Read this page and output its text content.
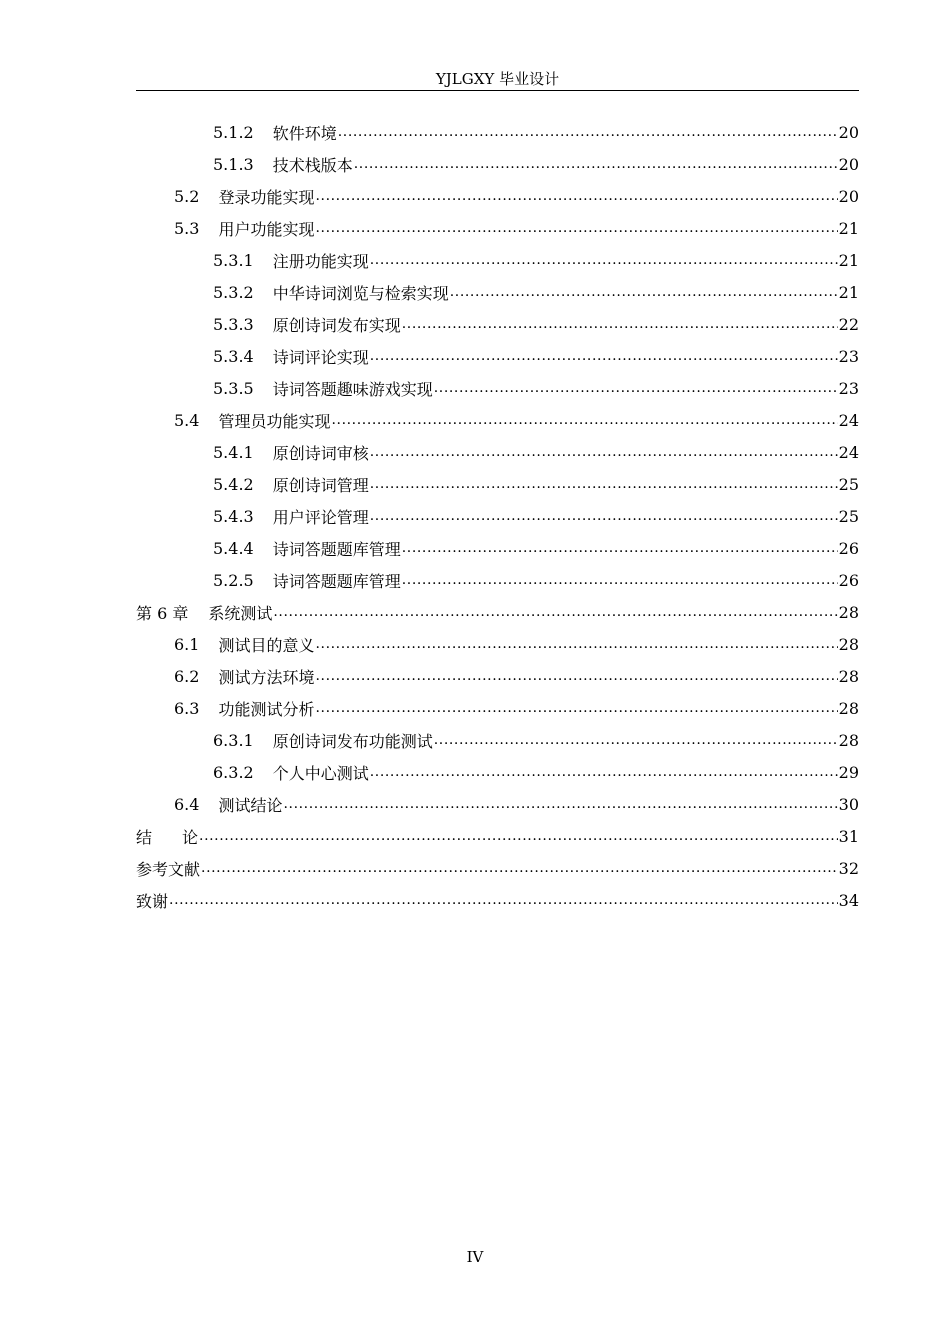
YJLGXY 毕业设计
5.1.2 软件环境 .....	20
5.1.3 技术栈版本 .....	20
5.2 登录功能实现 .....	20
5.3 用户功能实现 .....	21
5.3.1 注册功能实现 .....	21
5.3.2 中华诗词浏览与检索实现 .....	21
5.3.3 原创诗词发布实现 .....	22
5.3.4 诗词评论实现 .....	23
5.3.5 诗词答题趣味游戏实现 .....	23
5.4 管理员功能实现 .....	24
5.4.1 原创诗词审核 .....	24
5.4.2 原创诗词管理 .....	25
5.4.3 用户评论管理 .....	25
5.4.4 诗词答题题库管理 .....	26
5.2.5 诗词答题题库管理 .....	26
第 6 章 系统测试 .....	28
6.1 测试目的意义 .....	28
6.2 测试方法环境 .....	28
6.3 功能测试分析 .....	28
6.3.1 原创诗词发布功能测试 .....	28
6.3.2 个人中心测试 .....	29
6.4 测试结论 .....	30
结论 .....	31
参考文献 .....	32
致谢 .....	34
IV
